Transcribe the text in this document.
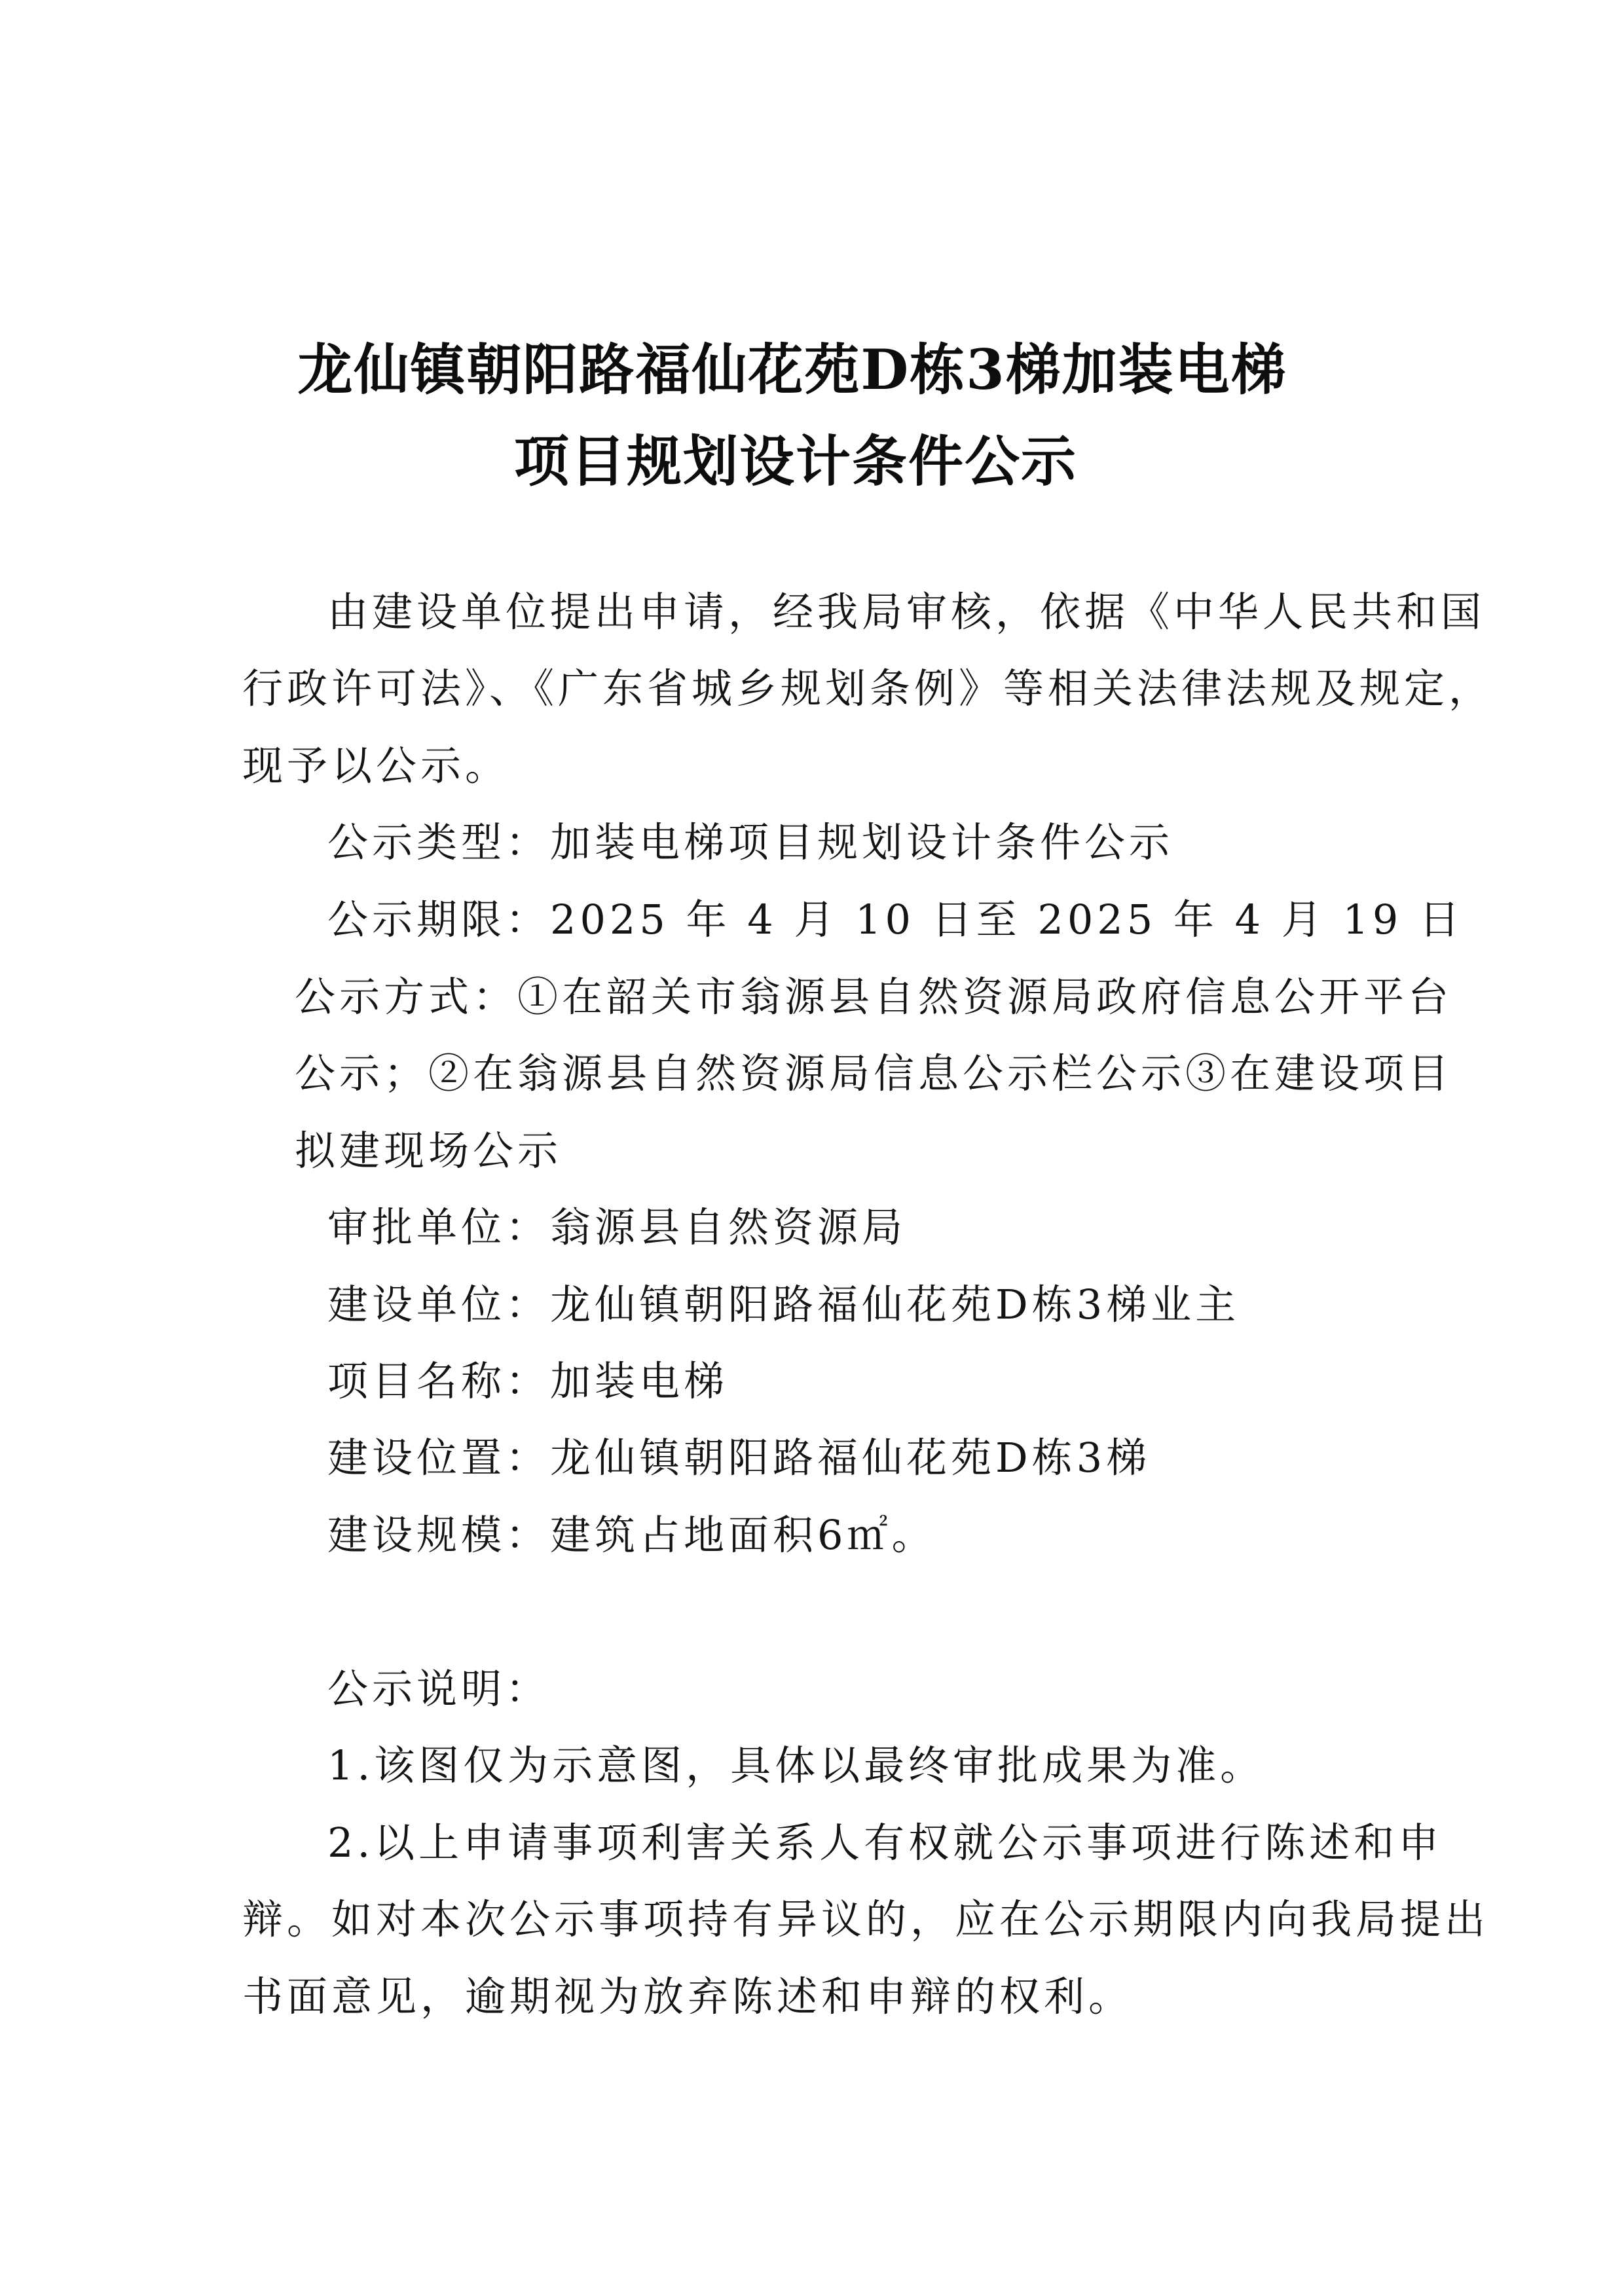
龙仙镇朝阳路福仙花苑D栋3梯加装电梯
项目规划设计条件公示
由建设单位提出申请，经我局审核，依据《中华人民共和国
行政许可法》、《广东省城乡规划条例》等相关法律法规及规定，
现予以公示。
公示类型：加装电梯项目规划设计条件公示
公示期限：2025 年 4 月 10 日至 2025 年 4 月 19 日
公示方式：①在韶关市翁源县自然资源局政府信息公开平台
公示；②在翁源县自然资源局信息公示栏公示③在建设项目
拟建现场公示
审批单位：翁源县自然资源局
建设单位：龙仙镇朝阳路福仙花苑D栋3梯业主
项目名称：加装电梯
建设位置：龙仙镇朝阳路福仙花苑D栋3梯
建设规模：建筑占地面积6㎡。
公示说明：
1.该图仅为示意图，具体以最终审批成果为准。
2.以上申请事项利害关系人有权就公示事项进行陈述和申
辩。如对本次公示事项持有异议的，应在公示期限内向我局提出
书面意见，逾期视为放弃陈述和申辩的权利。
